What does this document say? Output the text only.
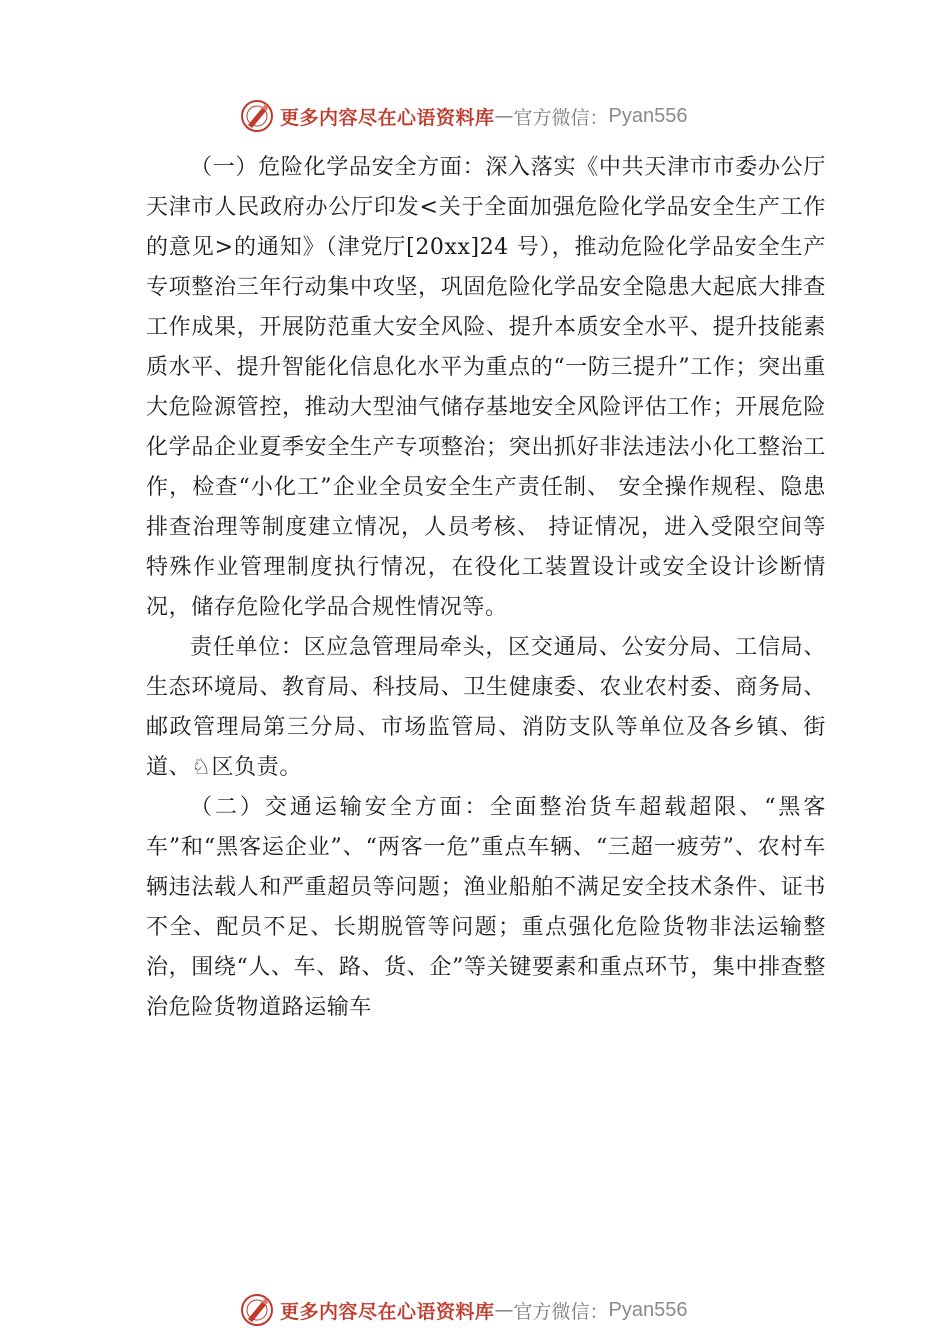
更多内容尽在心语资料库 — 官方微信： Pyan556

（一）危险化学品安全方面：深入落实《中共天津市市委办公厅 天津市人民政府办公厅印发<关于全面加强危险化学品安全生产工作的意见>的通知》（津党厅[20xx]24 号），推动危险化学品安全生产专项整治三年行动集中攻坚，巩固危险化学品安全隐患大起底大排查工作成果，开展防范重大安全风险、提升本质安全水平、提升技能素质水平、提升智能化信息化水平为重点的“一防三提升”工作；突出重大危险源管控，推动大型油气储存基地安全风险评估工作；开展危险化学品企业夏季安全生产专项整治；突出抓好非法违法小化工整治工作，检查“小化工”企业全员安全生产责任制、 安全操作规程、隐患排查治理等制度建立情况，人员考核、 持证情况，进入受限空间等特殊作业管理制度执行情况，在役化工装置设计或安全设计诊断情况，储存危险化学品合规性情况等。

责任单位：区应急管理局牵头，区交通局、公安分局、工信局、生态环境局、教育局、科技局、卫生健康委、农业农村委、商务局、邮政管理局第三分局、市场监管局、消防支队等单位及各乡镇、街道、♘区负责。

（二）交通运输安全方面：全面整治货车超载超限、“黑客车”和“黑客运企业”、“两客一危”重点车辆、“三超一疲劳”、农村车辆违法载人和严重超员等问题；渔业船舶不满足安全技术条件、证书不全、配员不足、长期脱管等问题；重点强化危险货物非法运输整治，围绕“人、车、路、货、企”等关键要素和重点环节，集中排查整治危险货物道路运输车

更多内容尽在心语资料库 — 官方微信： Pyan556
